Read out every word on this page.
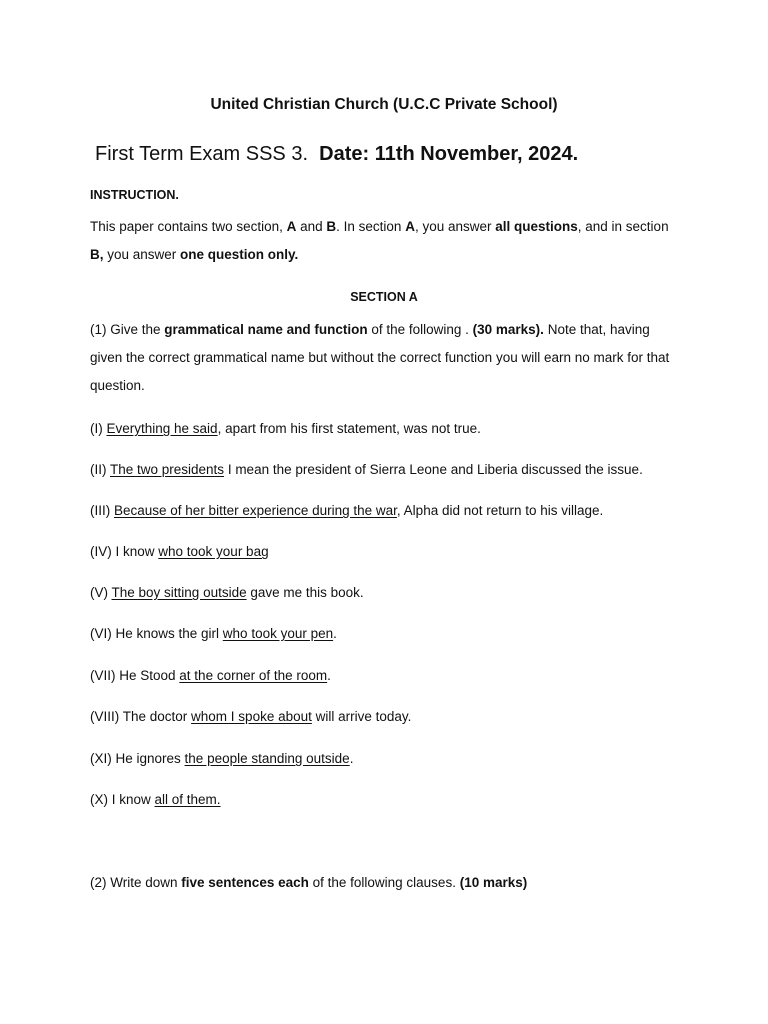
United Christian Church (U.C.C Private School)
First Term Exam SSS 3. Date: 11th November, 2024.
INSTRUCTION.
This paper contains two section, A and B. In section A, you answer all questions, and in section
B, you answer one question only.
SECTION A
(1) Give the grammatical name and function of the following . (30 marks). Note that, having given the correct grammatical name but without the correct function you will earn no mark for that question.
(I) Everything he said, apart from his first statement, was not true.
(II) The two presidents I mean the president of Sierra Leone and Liberia discussed the issue.
(III) Because of her bitter experience during the war, Alpha did not return to his village.
(IV) I know who took your bag
(V) The boy sitting outside gave me this book.
(VI) He knows the girl who took your pen.
(VII) He Stood at the corner of the room.
(VIII) The doctor whom I spoke about will arrive today.
(XI) He ignores the people standing outside.
(X) I know all of them.
(2) Write down five sentences each of the following clauses. (10 marks)
